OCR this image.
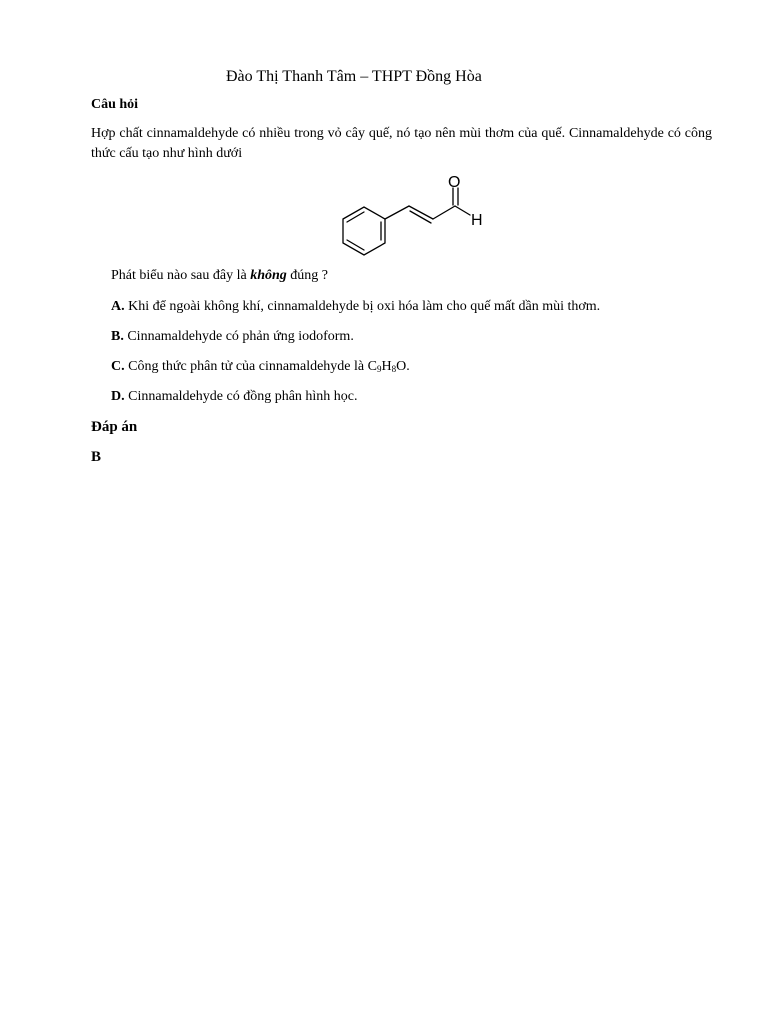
Đào Thị Thanh Tâm – THPT Đồng Hòa
Câu hỏi
Hợp chất cinnamaldehyde có nhiều trong vỏ cây quế, nó tạo nên mùi thơm của quế. Cinnamaldehyde có công thức cấu tạo như hình dưới
O
H
Phát biểu nào sau đây là không đúng ?
A. Khi để ngoài không khí, cinnamaldehyde bị oxi hóa làm cho quế mất dần mùi thơm.
B. Cinnamaldehyde có phản ứng iodoform.
C. Công thức phân tử của cinnamaldehyde là $C_9H_8O$.
D. Cinnamaldehyde có đồng phân hình học.
Đáp án
B
